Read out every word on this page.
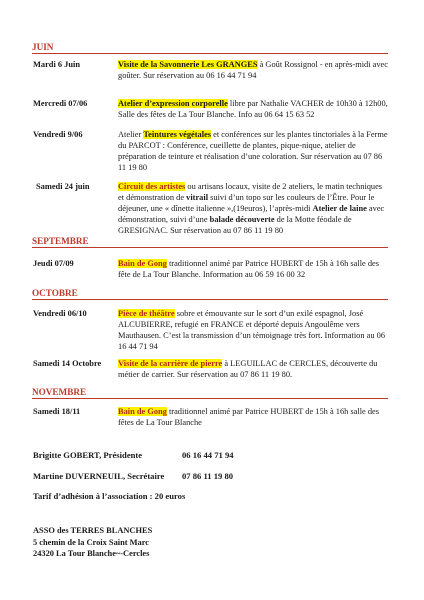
JUIN
Mardi 6 Juin	Visite de la Savonnerie Les GRANGES à Goût Rossignol - en après-midi avec goûter. Sur réservation au 06 16 44 71 94
Mercredi 07/06	Atelier d’expression corporelle libre par Nathalie VACHER de 10h30 à 12h00, Salle des fêtes de La Tour Blanche. Info au 06 64 15 63 52
Vendredi 9/06	Atelier Teintures végétales et conférences sur les plantes tinctoriales à la Ferme du PARCOT : Conférence, cueillette de plantes, pique-nique, atelier de préparation de teinture et réalisation d’une coloration. Sur réservation au 07 86 11 19 80
Samedi 24 juin	Circuit des artistes ou artisans locaux, visite de 2 ateliers, le matin techniques et démonstration de vitrail suivi d’un topo sur les couleurs de l’Être. Pour le déjeuner, une « dînette italienne »,(19euros), l’après-midi Atelier de laine avec démonstration, suivi d’une balade découverte de la Motte féodale de GRESIGNAC. Sur réservation au 07 86 11 19 80
SEPTEMBRE
Jeudi 07/09	Bain de Gong traditionnel animé par Patrice HUBERT de 15h à 16h salle des fête de La Tour Blanche. Information au 06 59 16 00 32
OCTOBRE
Vendredi 06/10	Pièce de théâtre sobre et émouvante sur le sort d’un exilé espagnol, José ALCUBIERRE, refugié en FRANCE et déporté depuis Angoulême vers Mauthausen. C’est la transmission d’un témoignage très fort. Information au 06 16 44 71 94
Samedi 14 Octobre Visite de la carrière de pierre à LEGUILLAC de CERCLES, découverte du métier de carrier. Sur réservation au 07 86 11 19 80.
NOVEMBRE
Samedi 18/11	Bain de Gong traditionnel animé par Patrice HUBERT de 15h à 16h salle des fêtes de La Tour Blanche
Brigitte GOBERT, Présidente	06 16 44 71 94
Martine DUVERNEUIL, Secrétaire 07 86 11 19 80
Tarif d’adhésion à l’association : 20 euros
ASSO des TERRES BLANCHES
5 chemin de la Croix Saint Marc
24320 La Tour Blanche~-Cercles
